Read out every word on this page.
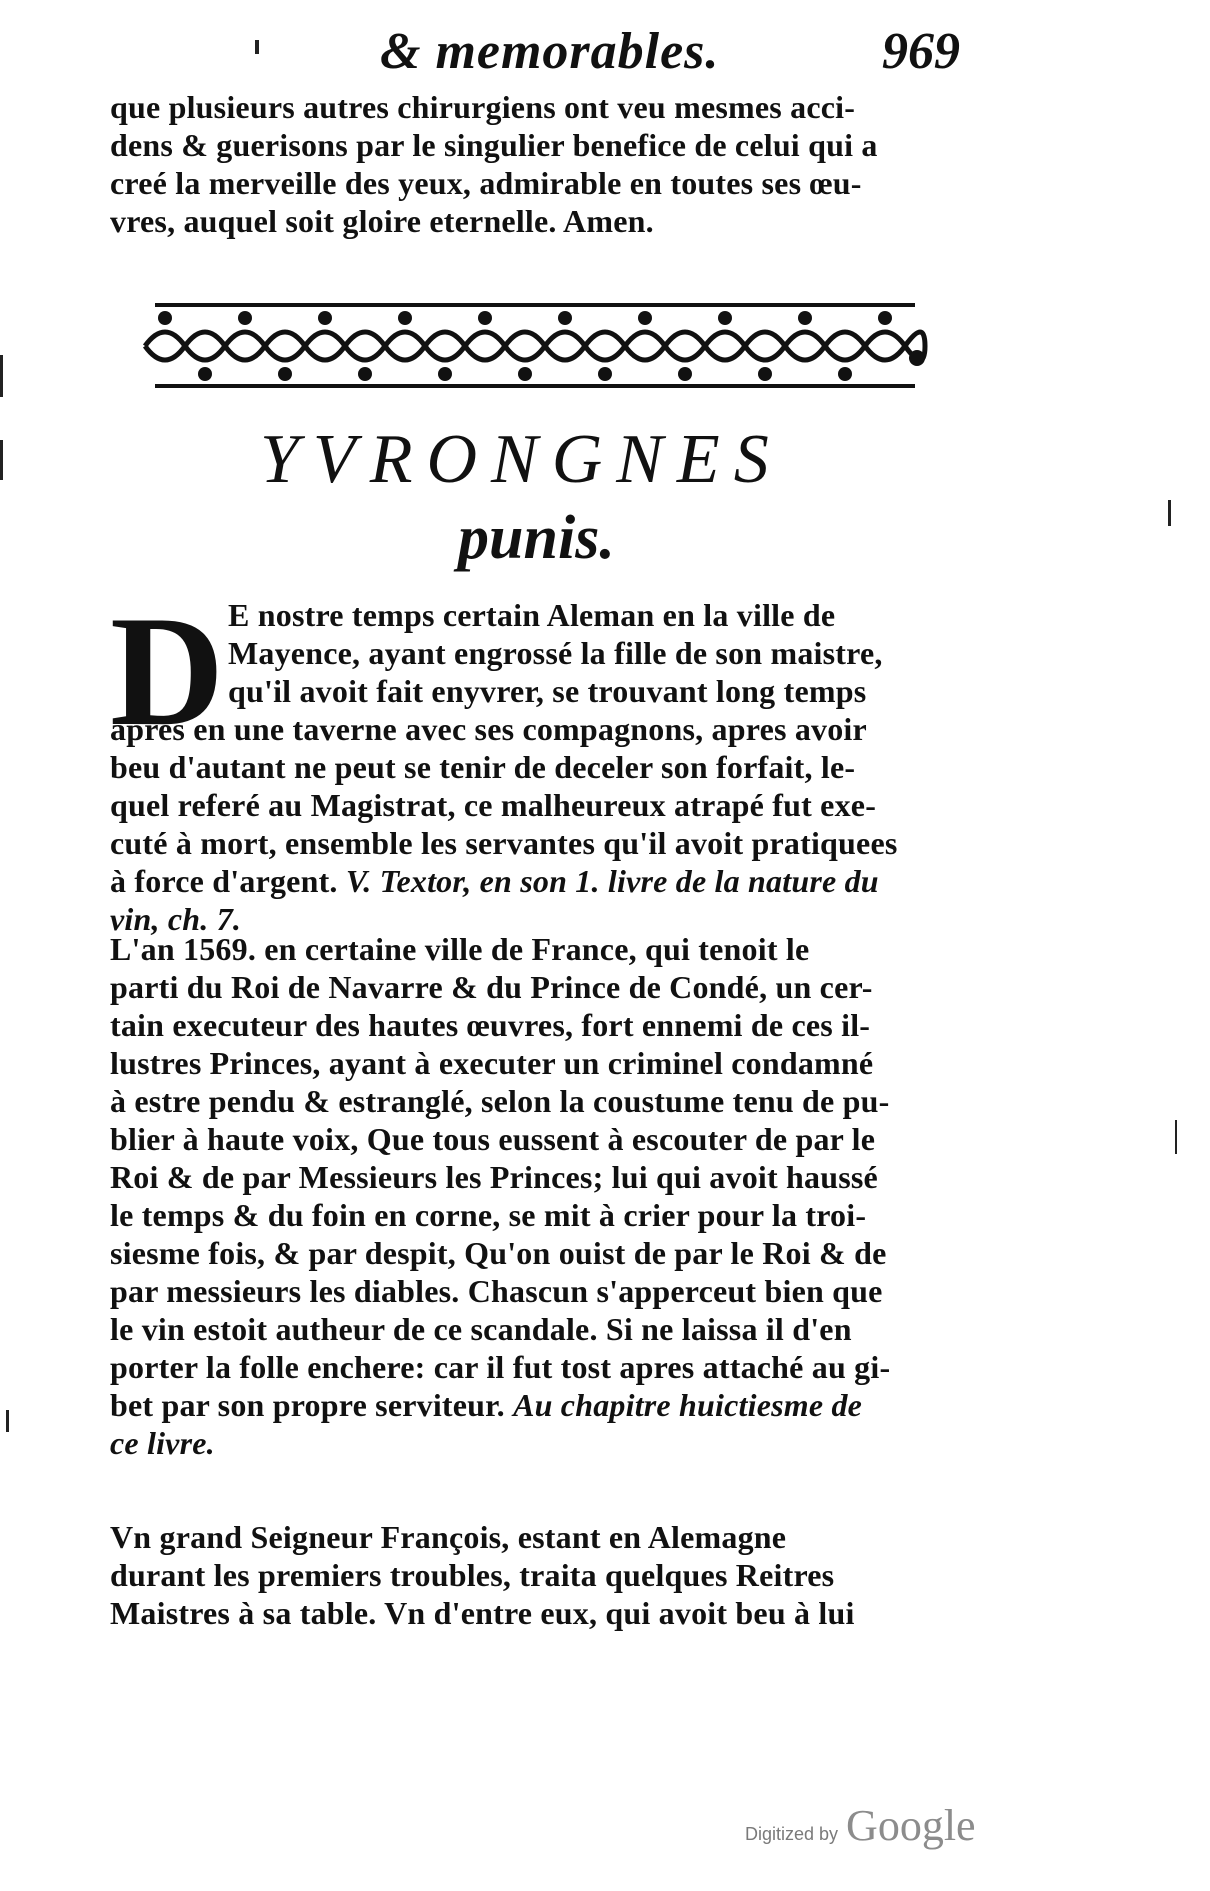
& memorables.	969
que plusieurs autres chirurgiens ont veu mesmes acci-
dens & guerisons par le singulier benefice de celui qui a
creé la merveille des yeux, admirable en toutes ses œu-
vres, auquel soit gloire eternelle. Amen.
YVRONGNES
punis.
D E nostre temps certain Aleman en la ville de
Mayence, ayant engrossé la fille de son maistre,
qu'il avoit fait enyvrer, se trouvant long temps
apres en une taverne avec ses compagnons, apres avoir
beu d'autant ne peut se tenir de deceler son forfait, le-
quel referé au Magistrat, ce malheureux atrapé fut exe-
cuté à mort, ensemble les servantes qu'il avoit pratiquees
à force d'argent. V. Textor, en son 1. livre de la nature du
vin, ch. 7.
L'an 1569. en certaine ville de France, qui tenoit le
parti du Roi de Navarre & du Prince de Condé, un cer-
tain executeur des hautes œuvres, fort ennemi de ces il-
lustres Princes, ayant à executer un criminel condamné
à estre pendu & estranglé, selon la coustume tenu de pu-
blier à haute voix, Que tous eussent à escouter de par le
Roi & de par Messieurs les Princes; lui qui avoit haussé
le temps & du foin en corne, se mit à crier pour la troi-
siesme fois, & par despit, Qu'on ouist de par le Roi & de
par messieurs les diables. Chascun s'apperceut bien que
le vin estoit autheur de ce scandale. Si ne laissa il d'en
porter la folle enchere: car il fut tost apres attaché au gi-
bet par son propre serviteur. Au chapitre huictiesme de
ce livre.
Vn grand Seigneur François, estant en Alemagne
durant les premiers troubles, traita quelques Reitres
Maistres à sa table. Vn d'entre eux, qui avoit beu à lui
Digitized by Google
